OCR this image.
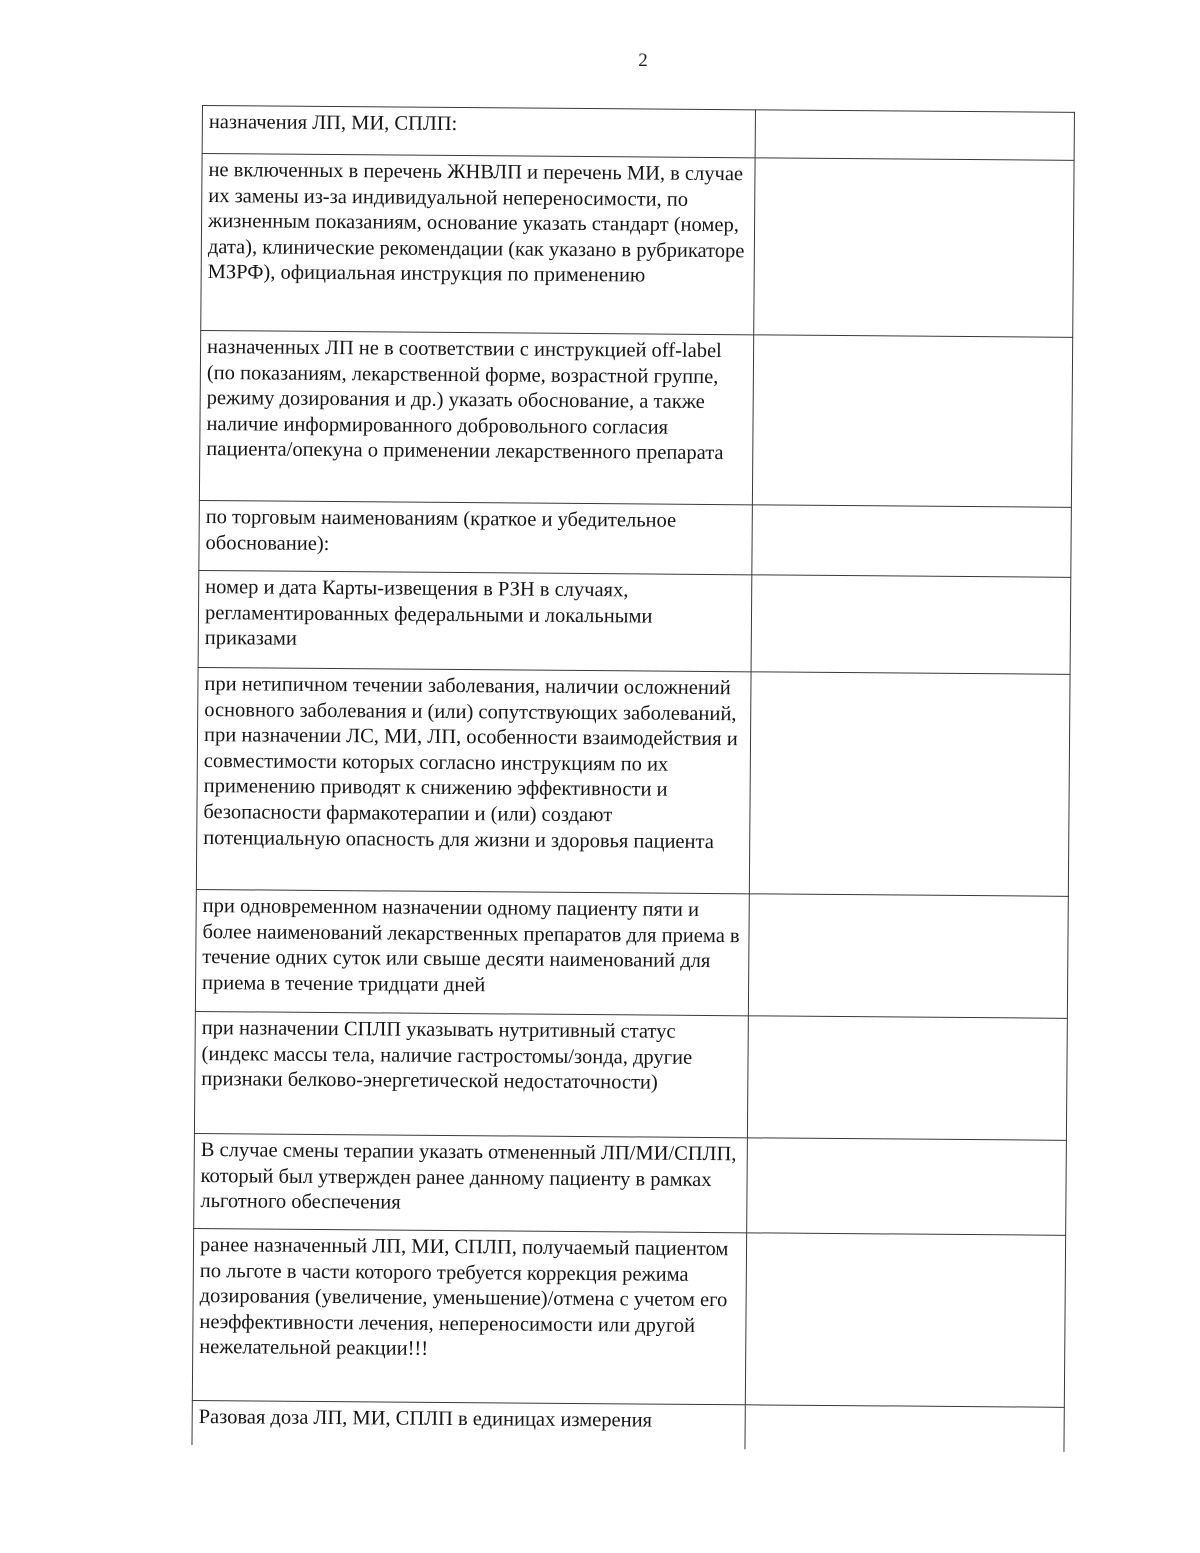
2
назначения ЛП, МИ, СПЛП:	

не включенных в перечень ЖНВЛП и перечень МИ, в случае их замены из-за индивидуальной непереносимости, по жизненным показаниям, основание указать стандарт (номер, дата), клинические рекомендации (как указано в рубрикаторе МЗРФ), официальная инструкция по применению	

назначенных ЛП не в соответствии с инструкцией off-label (по показаниям, лекарственной форме, возрастной группе, режиму дозирования и др.) указать обоснование, а также наличие информированного добровольного согласия пациента/опекуна о применении лекарственного препарата	

по торговым наименованиям (краткое и убедительное обоснование):	

номер и дата Карты-извещения в РЗН в случаях, регламентированных федеральными и локальными приказами	

при нетипичном течении заболевания, наличии осложнений основного заболевания и (или) сопутствующих заболеваний, при назначении ЛС, МИ, ЛП, особенности взаимодействия и совместимости которых согласно инструкциям по их применению приводят к снижению эффективности и безопасности фармакотерапии и (или) создают потенциальную опасность для жизни и здоровья пациента	

при одновременном назначении одному пациенту пяти и более наименований лекарственных препаратов для приема в течение одних суток или свыше десяти наименований для приема в течение тридцати дней	

при назначении СПЛП указывать нутритивный статус (индекс массы тела, наличие гастростомы/зонда, другие признаки белково-энергетической недостаточности)	

В случае смены терапии указать отмененный ЛП/МИ/СПЛП, который был утвержден ранее данному пациенту в рамках льготного обеспечения	

ранее назначенный ЛП, МИ, СПЛП, получаемый пациентом по льготе в части которого требуется коррекция режима дозирования (увеличение, уменьшение)/отмена с учетом его неэффективности лечения, непереносимости или другой нежелательной реакции!!!	

Разовая доза ЛП, МИ, СПЛП в единицах измерения	
